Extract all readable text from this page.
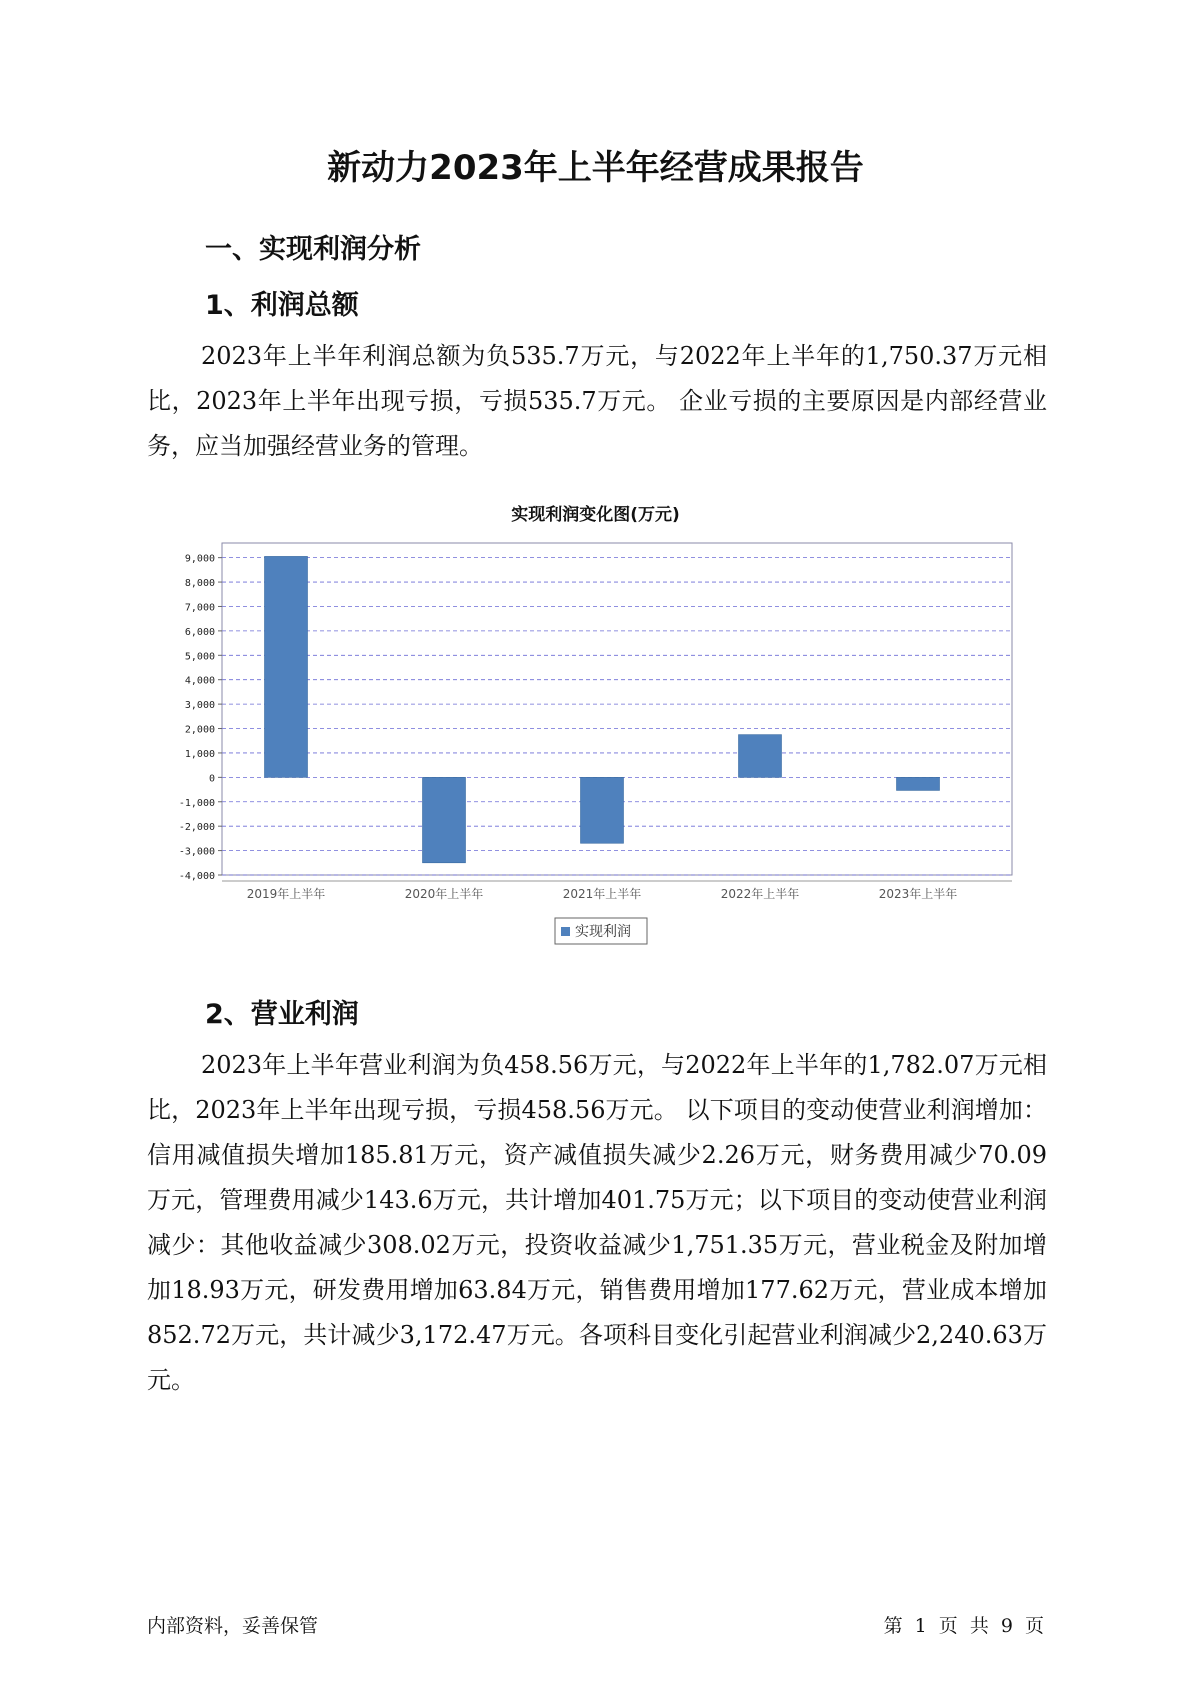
新动力2023年上半年经营成果报告
一、实现利润分析
1、利润总额
2023年上半年利润总额为负535.7万元，与2022年上半年的1,750.37万元相比，2023年上半年出现亏损，亏损535.7万元。 企业亏损的主要原因是内部经营业务，应当加强经营业务的管理。
实现利润变化图(万元)
9,000
8,000
7,000
6,000
5,000
4,000
3,000
2,000
1,000
0
-1,000
-2,000
-3,000
-4,000
2019年上半年	2020年上半年	2021年上半年	2022年上半年	2023年上半年
实现利润
2、营业利润
2023年上半年营业利润为负458.56万元，与2022年上半年的1,782.07万元相比，2023年上半年出现亏损，亏损458.56万元。 以下项目的变动使营业利润增加：信用减值损失增加185.81万元，资产减值损失减少2.26万元，财务费用减少70.09万元，管理费用减少143.6万元，共计增加401.75万元；以下项目的变动使营业利润减少：其他收益减少308.02万元，投资收益减少1,751.35万元，营业税金及附加增加18.93万元，研发费用增加63.84万元，销售费用增加177.62万元，营业成本增加852.72万元，共计减少3,172.47万元。各项科目变化引起营业利润减少2,240.63万元。
内部资料，妥善保管	第 1 页 共 9 页
